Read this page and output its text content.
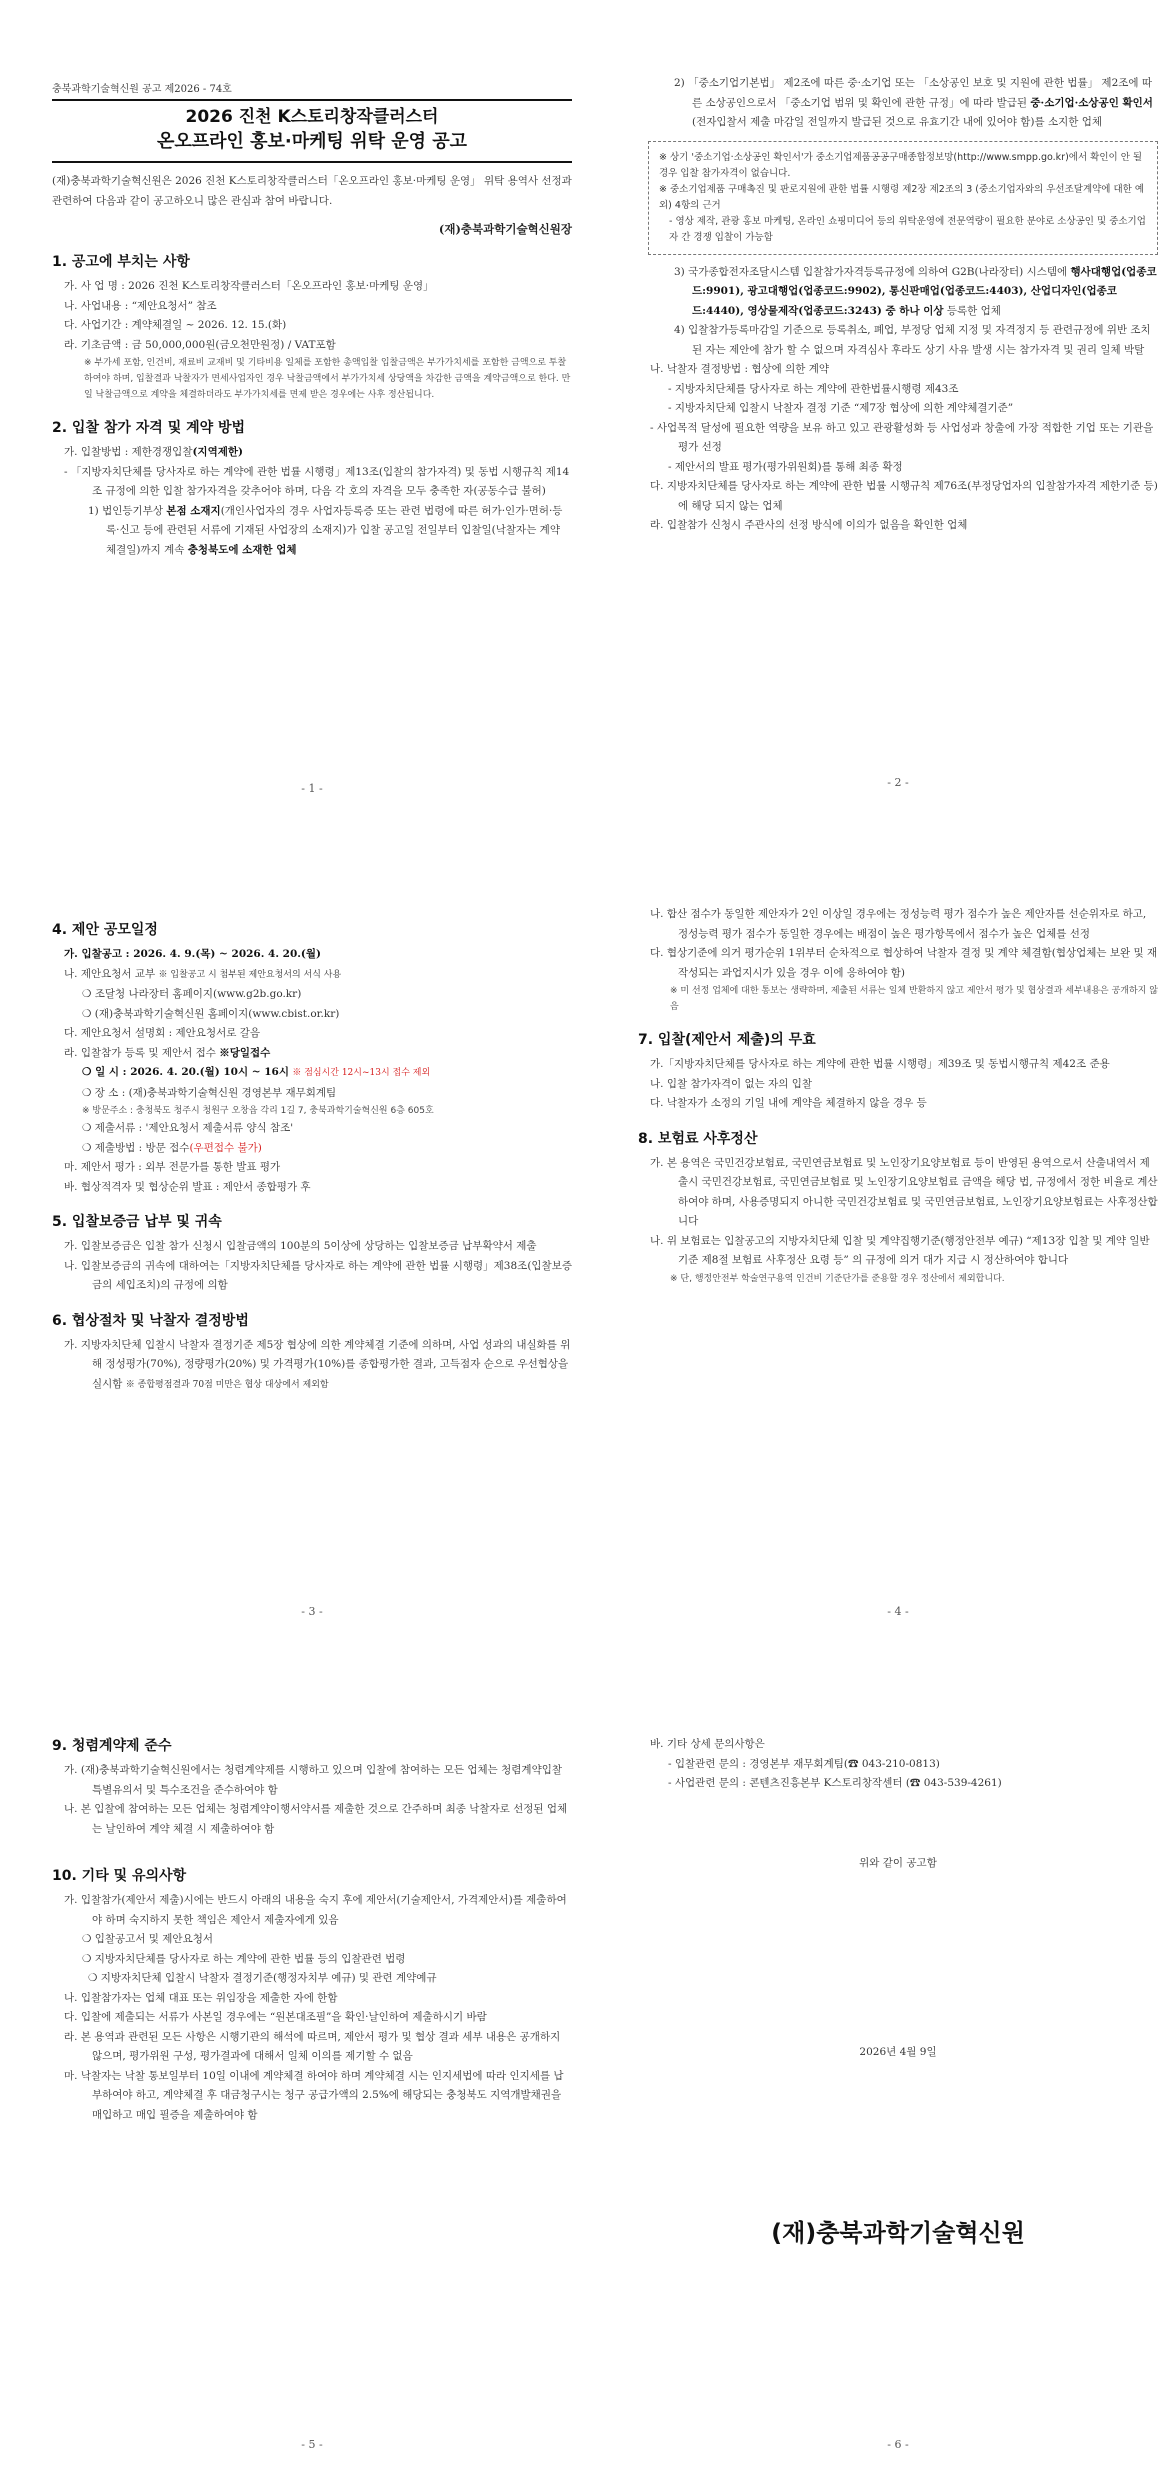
충북과학기술혁신원 공고 제2026 - 74호
2026 진천 K스토리창작클러스터
온오프라인 홍보·마케팅 위탁 운영 공고
(재)충북과학기술혁신원은 2026 진천 K스토리창작클러스터「온오프라인 홍보·마케팅 운영」 위탁 용역사 선정과 관련하여 다음과 같이 공고하오니 많은 관심과 참여 바랍니다.
(재)충북과학기술혁신원장
1. 공고에 부치는 사항
가. 사 업 명 : 2026 진천 K스토리창작클러스터「온오프라인 홍보·마케팅 운영」
나. 사업내용 : “제안요청서” 참조
다. 사업기간 : 계약체결일 ~ 2026. 12. 15.(화)
라. 기초금액 : 금 50,000,000원(금오천만원정) / VAT포함
※ 부가세 포함, 인건비, 재료비 교재비 및 기타비용 일체를 포함한 총액입찰 입찰금액은 부가가치세를 포함한 금액으로 투찰하여야 하며, 입찰결과 낙찰자가 면세사업자인 경우 낙찰금액에서 부가가치세 상당액을 차감한 금액을 계약금액으로 한다. 만일 낙찰금액으로 계약을 체결하더라도 부가가치세를 면제 받은 경우에는 사후 정산됩니다.
2. 입찰 참가 자격 및 계약 방법
가. 입찰방법 : 제한경쟁입찰(지역제한)
- 「지방자치단체를 당사자로 하는 계약에 관한 법률 시행령」제13조(입찰의 참가자격) 및 동법 시행규칙 제14조 규정에 의한 입찰 참가자격을 갖추어야 하며, 다음 각 호의 자격을 모두 충족한 자(공동수급 불허)
1) 법인등기부상 본점 소재지(개인사업자의 경우 사업자등록증 또는 관련 법령에 따른 허가·인가·면허·등록·신고 등에 관련된 서류에 기재된 사업장의 소재지)가 입찰 공고일 전일부터 입찰일(낙찰자는 계약 체결일)까지 계속 충청북도에 소재한 업체
- 1 -
2) 「중소기업기본법」 제2조에 따른 중·소기업 또는 「소상공인 보호 및 지원에 관한 법률」 제2조에 따른 소상공인으로서 「중소기업 범위 및 확인에 관한 규정」에 따라 발급된 중·소기업·소상공인 확인서(전자입찰서 제출 마감일 전일까지 발급된 것으로 유효기간 내에 있어야 함)를 소지한 업체
※ 상기 '중소기업·소상공인 확인서'가 중소기업제품공공구매종합정보망(http://www.smpp.go.kr)에서 확인이 안 될 경우 입찰 참가자격이 없습니다.
※ 중소기업제품 구매촉진 및 판로지원에 관한 법률 시행령 제2장 제2조의 3 (중소기업자와의 우선조달계약에 대한 예외) 4항의 근거
- 영상 제작, 관광 홍보 마케팅, 온라인 쇼핑미디어 등의 위탁운영에 전문역량이 필요한 분야로 소상공인 및 중소기업자 간 경쟁 입찰이 가능함
3) 국가종합전자조달시스템 입찰참가자격등록규정에 의하여 G2B(나라장터) 시스템에 행사대행업(업종코드:9901), 광고대행업(업종코드:9902), 통신판매업(업종코드:4403), 산업디자인(업종코드:4440), 영상물제작(업종코드:3243) 중 하나 이상 등록한 업체
4) 입찰참가등록마감일 기준으로 등록취소, 폐업, 부정당 업체 지정 및 자격정지 등 관련규정에 위반 조치된 자는 제안에 참가 할 수 없으며 자격심사 후라도 상기 사유 발생 시는 참가자격 및 권리 일체 박탈
나. 낙찰자 결정방법 : 협상에 의한 계약
- 지방자치단체를 당사자로 하는 계약에 관한법률시행령 제43조
- 지방자치단체 입찰시 낙찰자 결정 기준 “제7장 협상에 의한 계약체결기준”
- 사업목적 달성에 필요한 역량을 보유 하고 있고 관광활성화 등 사업성과 창출에 가장 적합한 기업 또는 기관을 평가 선정
- 제안서의 발표 평가(평가위원회)를 통해 최종 확정
다. 지방자치단체를 당사자로 하는 계약에 관한 법률 시행규칙 제76조(부정당업자의 입찰참가자격 제한기준 등)에 해당 되지 않는 업체
라. 입찰참가 신청시 주관사의 선정 방식에 이의가 없음을 확인한 업체
- 2 -
4. 제안 공모일정
가. 입찰공고 : 2026. 4. 9.(목) ~ 2026. 4. 20.(월)
나. 제안요청서 교부 ※ 입찰공고 시 첨부된 제안요청서의 서식 사용
❍ 조달청 나라장터 홈페이지(www.g2b.go.kr)
❍ (재)충북과학기술혁신원 홈페이지(www.cbist.or.kr)
다. 제안요청서 설명회 : 제안요청서로 갈음
라. 입찰참가 등록 및 제안서 접수 ※당일접수
❍ 일 시 : 2026. 4. 20.(월) 10시 ~ 16시 ※ 점심시간 12시~13시 접수 제외
❍ 장 소 : (재)충북과학기술혁신원 경영본부 재무회계팀
※ 방문주소 : 충청북도 청주시 청원구 오창읍 각리 1길 7, 충북과학기술혁신원 6층 605호
❍ 제출서류 : '제안요청서 제출서류 양식 참조'
❍ 제출방법 : 방문 접수(우편접수 불가)
마. 제안서 평가 : 외부 전문가를 통한 발표 평가
바. 협상적격자 및 협상순위 발표 : 제안서 종합평가 후
5. 입찰보증금 납부 및 귀속
가. 입찰보증금은 입찰 참가 신청시 입찰금액의 100분의 5이상에 상당하는 입찰보증금 납부확약서 제출
나. 입찰보증금의 귀속에 대하여는「지방자치단체를 당사자로 하는 계약에 관한 법률 시행령」제38조(입찰보증금의 세입조치)의 규정에 의함
6. 협상절차 및 낙찰자 결정방법
가. 지방자치단체 입찰시 낙찰자 결정기준 제5장 협상에 의한 계약체결 기준에 의하며, 사업 성과의 내실화를 위해 정성평가(70%), 정량평가(20%) 및 가격평가(10%)를 종합평가한 결과, 고득점자 순으로 우선협상을 실시함 ※ 종합평점결과 70점 미만은 협상 대상에서 제외함
- 3 -
나. 합산 점수가 동일한 제안자가 2인 이상일 경우에는 정성능력 평가 점수가 높은 제안자를 선순위자로 하고, 정성능력 평가 점수가 동일한 경우에는 배점이 높은 평가항목에서 점수가 높은 업체를 선정
다. 협상기준에 의거 평가순위 1위부터 순차적으로 협상하여 낙찰자 결정 및 계약 체결함(협상업체는 보완 및 재작성되는 과업지시가 있을 경우 이에 응하여야 함)
※ 미 선정 업체에 대한 통보는 생략하며, 제출된 서류는 일체 반환하지 않고 제안서 평가 및 협상결과 세부내용은 공개하지 않음
7. 입찰(제안서 제출)의 무효
가.「지방자치단체를 당사자로 하는 계약에 관한 법률 시행령」제39조 및 동법시행규칙 제42조 준용
나. 입찰 참가자격이 없는 자의 입찰
다. 낙찰자가 소정의 기일 내에 계약을 체결하지 않을 경우 등
8. 보험료 사후정산
가. 본 용역은 국민건강보험료, 국민연금보험료 및 노인장기요양보험료 등이 반영된 용역으로서 산출내역서 제출시 국민건강보험료, 국민연금보험료 및 노인장기요양보험료 금액을 해당 법, 규정에서 정한 비율로 계산하여야 하며, 사용증명되지 아니한 국민건강보험료 및 국민연금보험료, 노인장기요양보험료는 사후정산합니다
나. 위 보험료는 입찰공고의 지방자치단체 입찰 및 계약집행기준(행정안전부 예규) “제13장 입찰 및 계약 일반기준 제8절 보험료 사후정산 요령 등” 의 규정에 의거 대가 지급 시 정산하여야 합니다
※ 단, 행정안전부 학술연구용역 인건비 기준단가를 준용할 경우 정산에서 제외합니다.
- 4 -
9. 청렴계약제 준수
가. (재)충북과학기술혁신원에서는 청렴계약제를 시행하고 있으며 입찰에 참여하는 모든 업체는 청렴계약입찰특별유의서 및 특수조건을 준수하여야 함
나. 본 입찰에 참여하는 모든 업체는 청렴계약이행서약서를 제출한 것으로 간주하며 최종 낙찰자로 선정된 업체는 날인하여 계약 체결 시 제출하여야 함
10. 기타 및 유의사항
가. 입찰참가(제안서 제출)시에는 반드시 아래의 내용을 숙지 후에 제안서(기술제안서, 가격제안서)를 제출하여야 하며 숙지하지 못한 책임은 제안서 제출자에게 있음
❍ 입찰공고서 및 제안요청서
❍ 지방자치단체를 당사자로 하는 계약에 관한 법률 등의 입찰관련 법령
❍ 지방자치단체 입찰시 낙찰자 결정기준(행정자치부 예규) 및 관련 계약예규
나. 입찰참가자는 업체 대표 또는 위임장을 제출한 자에 한함
다. 입찰에 제출되는 서류가 사본일 경우에는 “원본대조필”을 확인·날인하여 제출하시기 바람
라. 본 용역과 관련된 모든 사항은 시행기관의 해석에 따르며, 제안서 평가 및 협상 결과 세부 내용은 공개하지 않으며, 평가위원 구성, 평가결과에 대해서 일체 이의를 제기할 수 없음
마. 낙찰자는 낙찰 통보일부터 10일 이내에 계약체결 하여야 하며 계약체결 시는 인지세법에 따라 인지세를 납부하여야 하고, 계약체결 후 대금청구시는 청구 공급가액의 2.5%에 해당되는 충청북도 지역개발채권을 매입하고 매입 필증을 제출하여야 함
- 5 -
바. 기타 상세 문의사항은
- 입찰관련 문의 : 경영본부 재무회계팀(☎ 043-210-0813)
- 사업관련 문의 : 콘텐츠진흥본부 K스토리창작센터 (☎ 043-539-4261)
위와 같이 공고함
2026년 4월 9일
(재)충북과학기술혁신원
- 6 -
